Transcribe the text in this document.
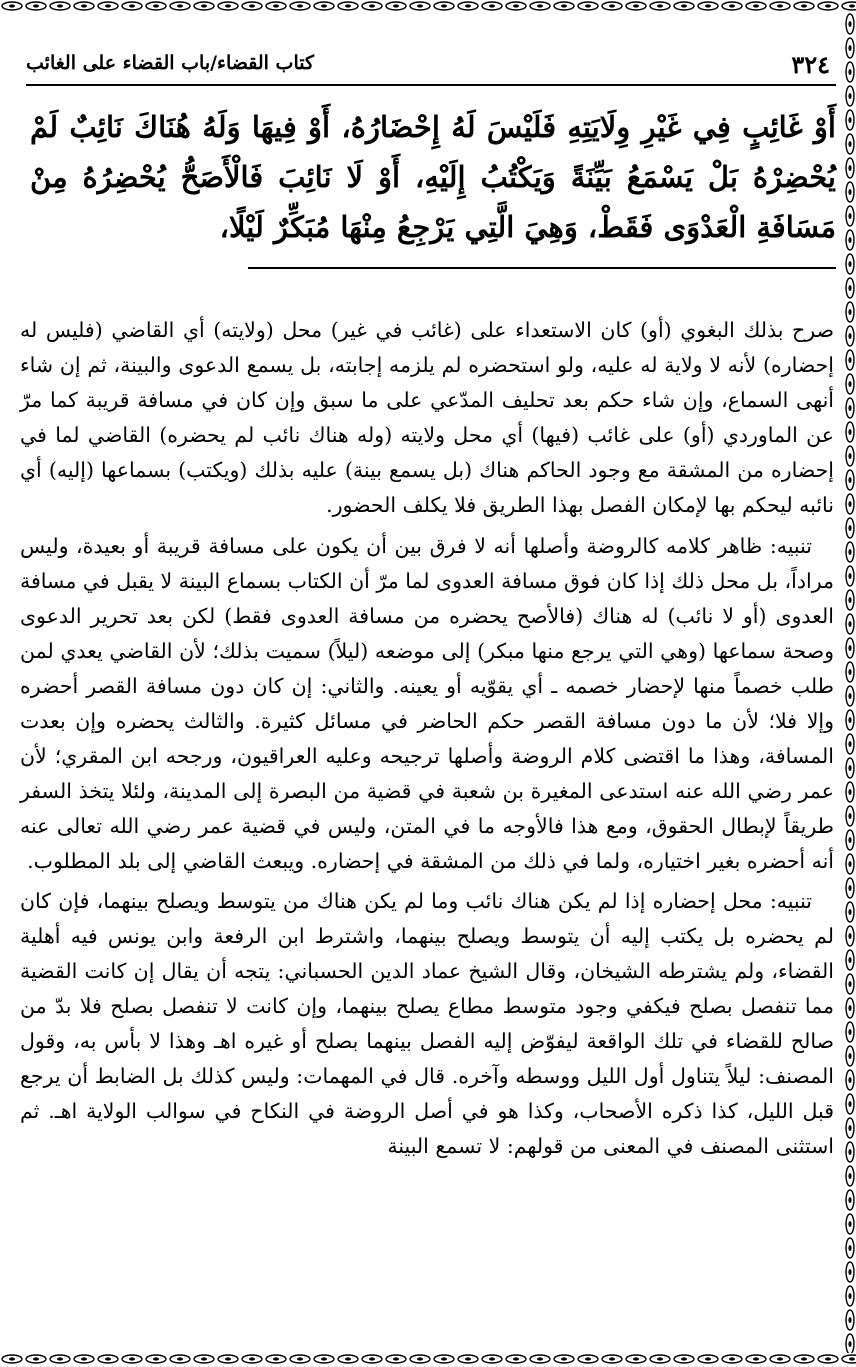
كتاب القضاء/باب القضاء على الغائب	٣٢٤
أَوْ غَائِبٍ فِي غَيْرِ وِلَايَتِهِ فَلَيْسَ لَهُ إِحْضَارُهُ، أَوْ فِيهَا وَلَهُ هُنَاكَ نَائِبٌ لَمْ يُحْضِرْهُ بَلْ يَسْمَعُ بَيِّنَةً وَيَكْتُبُ إِلَيْهِ، أَوْ لَا نَائِبَ فَالْأَصَحُّ يُحْضِرُهُ مِنْ مَسَافَةِ الْعَدْوَى فَقَطْ، وَهِيَ الَّتِي يَرْجِعُ مِنْهَا مُبَكِّرٌ لَيْلًا،

صرح بذلك البغوي (أو) كان الاستعداء على (غائب في غير) محل (ولايته) أي القاضي (فليس له إحضاره) لأنه لا ولاية له عليه، ولو استحضره لم يلزمه إجابته، بل يسمع الدعوى والبينة، ثم إن شاء أنهى السماع، وإن شاء حكم بعد تحليف المدّعي على ما سبق وإن كان في مسافة قريبة كما مرّ عن الماوردي (أو) على غائب (فيها) أي محل ولايته (وله هناك نائب لم يحضره) القاضي لما في إحضاره من المشقة مع وجود الحاكم هناك (بل يسمع بينة) عليه بذلك (ويكتب) بسماعها (إليه) أي نائبه ليحكم بها لإمكان الفصل بهذا الطريق فلا يكلف الحضور.

تنبيه: ظاهر كلامه كالروضة وأصلها أنه لا فرق بين أن يكون على مسافة قريبة أو بعيدة، وليس مراداً، بل محل ذلك إذا كان فوق مسافة العدوى لما مرّ أن الكتاب بسماع البينة لا يقبل في مسافة العدوى (أو لا نائب) له هناك (فالأصح يحضره من مسافة العدوى فقط) لكن بعد تحرير الدعوى وصحة سماعها (وهي التي يرجع منها مبكر) إلى موضعه (ليلاً) سميت بذلك؛ لأن القاضي يعدي لمن طلب خصماً منها لإحضار خصمه ـ أي يقوّيه أو يعينه. والثاني: إن كان دون مسافة القصر أحضره وإلا فلا؛ لأن ما دون مسافة القصر حكم الحاضر في مسائل كثيرة. والثالث يحضره وإن بعدت المسافة، وهذا ما اقتضى كلام الروضة وأصلها ترجيحه وعليه العراقيون، ورجحه ابن المقري؛ لأن عمر رضي الله عنه استدعى المغيرة بن شعبة في قضية من البصرة إلى المدينة، ولئلا يتخذ السفر طريقاً لإبطال الحقوق، ومع هذا فالأوجه ما في المتن، وليس في قضية عمر رضي الله تعالى عنه أنه أحضره بغير اختياره، ولما في ذلك من المشقة في إحضاره. ويبعث القاضي إلى بلد المطلوب.

تنبيه: محل إحضاره إذا لم يكن هناك نائب وما لم يكن هناك من يتوسط ويصلح بينهما، فإن كان لم يحضره بل يكتب إليه أن يتوسط ويصلح بينهما، واشترط ابن الرفعة وابن يونس فيه أهلية القضاء، ولم يشترطه الشيخان، وقال الشيخ عماد الدين الحسباني: يتجه أن يقال إن كانت القضية مما تنفصل بصلح فيكفي وجود متوسط مطاع يصلح بينهما، وإن كانت لا تنفصل بصلح فلا بدّ من صالح للقضاء في تلك الواقعة ليفوّض إليه الفصل بينهما بصلح أو غيره اهـ وهذا لا بأس به، وقول المصنف: ليلاً يتناول أول الليل ووسطه وآخره. قال في المهمات: وليس كذلك بل الضابط أن يرجع قبل الليل، كذا ذكره الأصحاب، وكذا هو في أصل الروضة في النكاح في سوالب الولاية اهـ. ثم استثنى المصنف في المعنى من قولهم: لا تسمع البينة
